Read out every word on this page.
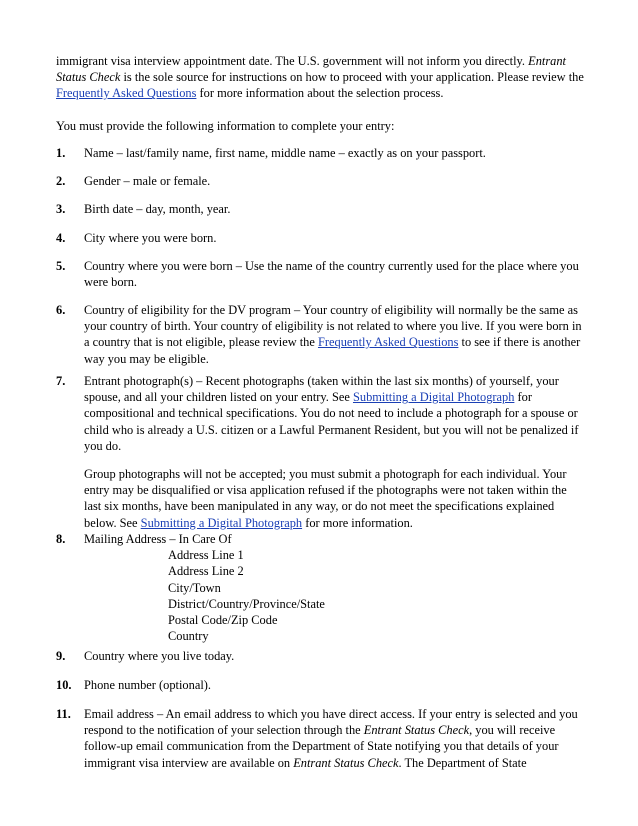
immigrant visa interview appointment date. The U.S. government will not inform you directly. Entrant Status Check is the sole source for instructions on how to proceed with your application. Please review the Frequently Asked Questions for more information about the selection process.

You must provide the following information to complete your entry:

1. Name – last/family name, first name, middle name – exactly as on your passport.
2. Gender – male or female.
3. Birth date – day, month, year.
4. City where you were born.
5. Country where you were born – Use the name of the country currently used for the place where you were born.
6. Country of eligibility for the DV program – Your country of eligibility will normally be the same as your country of birth. Your country of eligibility is not related to where you live. If you were born in a country that is not eligible, please review the Frequently Asked Questions to see if there is another way you may be eligible.
7. Entrant photograph(s) – Recent photographs (taken within the last six months) of yourself, your spouse, and all your children listed on your entry. See Submitting a Digital Photograph for compositional and technical specifications. You do not need to include a photograph for a spouse or child who is already a U.S. citizen or a Lawful Permanent Resident, but you will not be penalized if you do.
Group photographs will not be accepted; you must submit a photograph for each individual. Your entry may be disqualified or visa application refused if the photographs were not taken within the last six months, have been manipulated in any way, or do not meet the specifications explained below. See Submitting a Digital Photograph for more information.
8. Mailing Address – In Care Of
Address Line 1
Address Line 2
City/Town
District/Country/Province/State
Postal Code/Zip Code
Country
9. Country where you live today.
10. Phone number (optional).
11. Email address – An email address to which you have direct access. If your entry is selected and you respond to the notification of your selection through the Entrant Status Check, you will receive follow-up email communication from the Department of State notifying you that details of your immigrant visa interview are available on Entrant Status Check. The Department of State
